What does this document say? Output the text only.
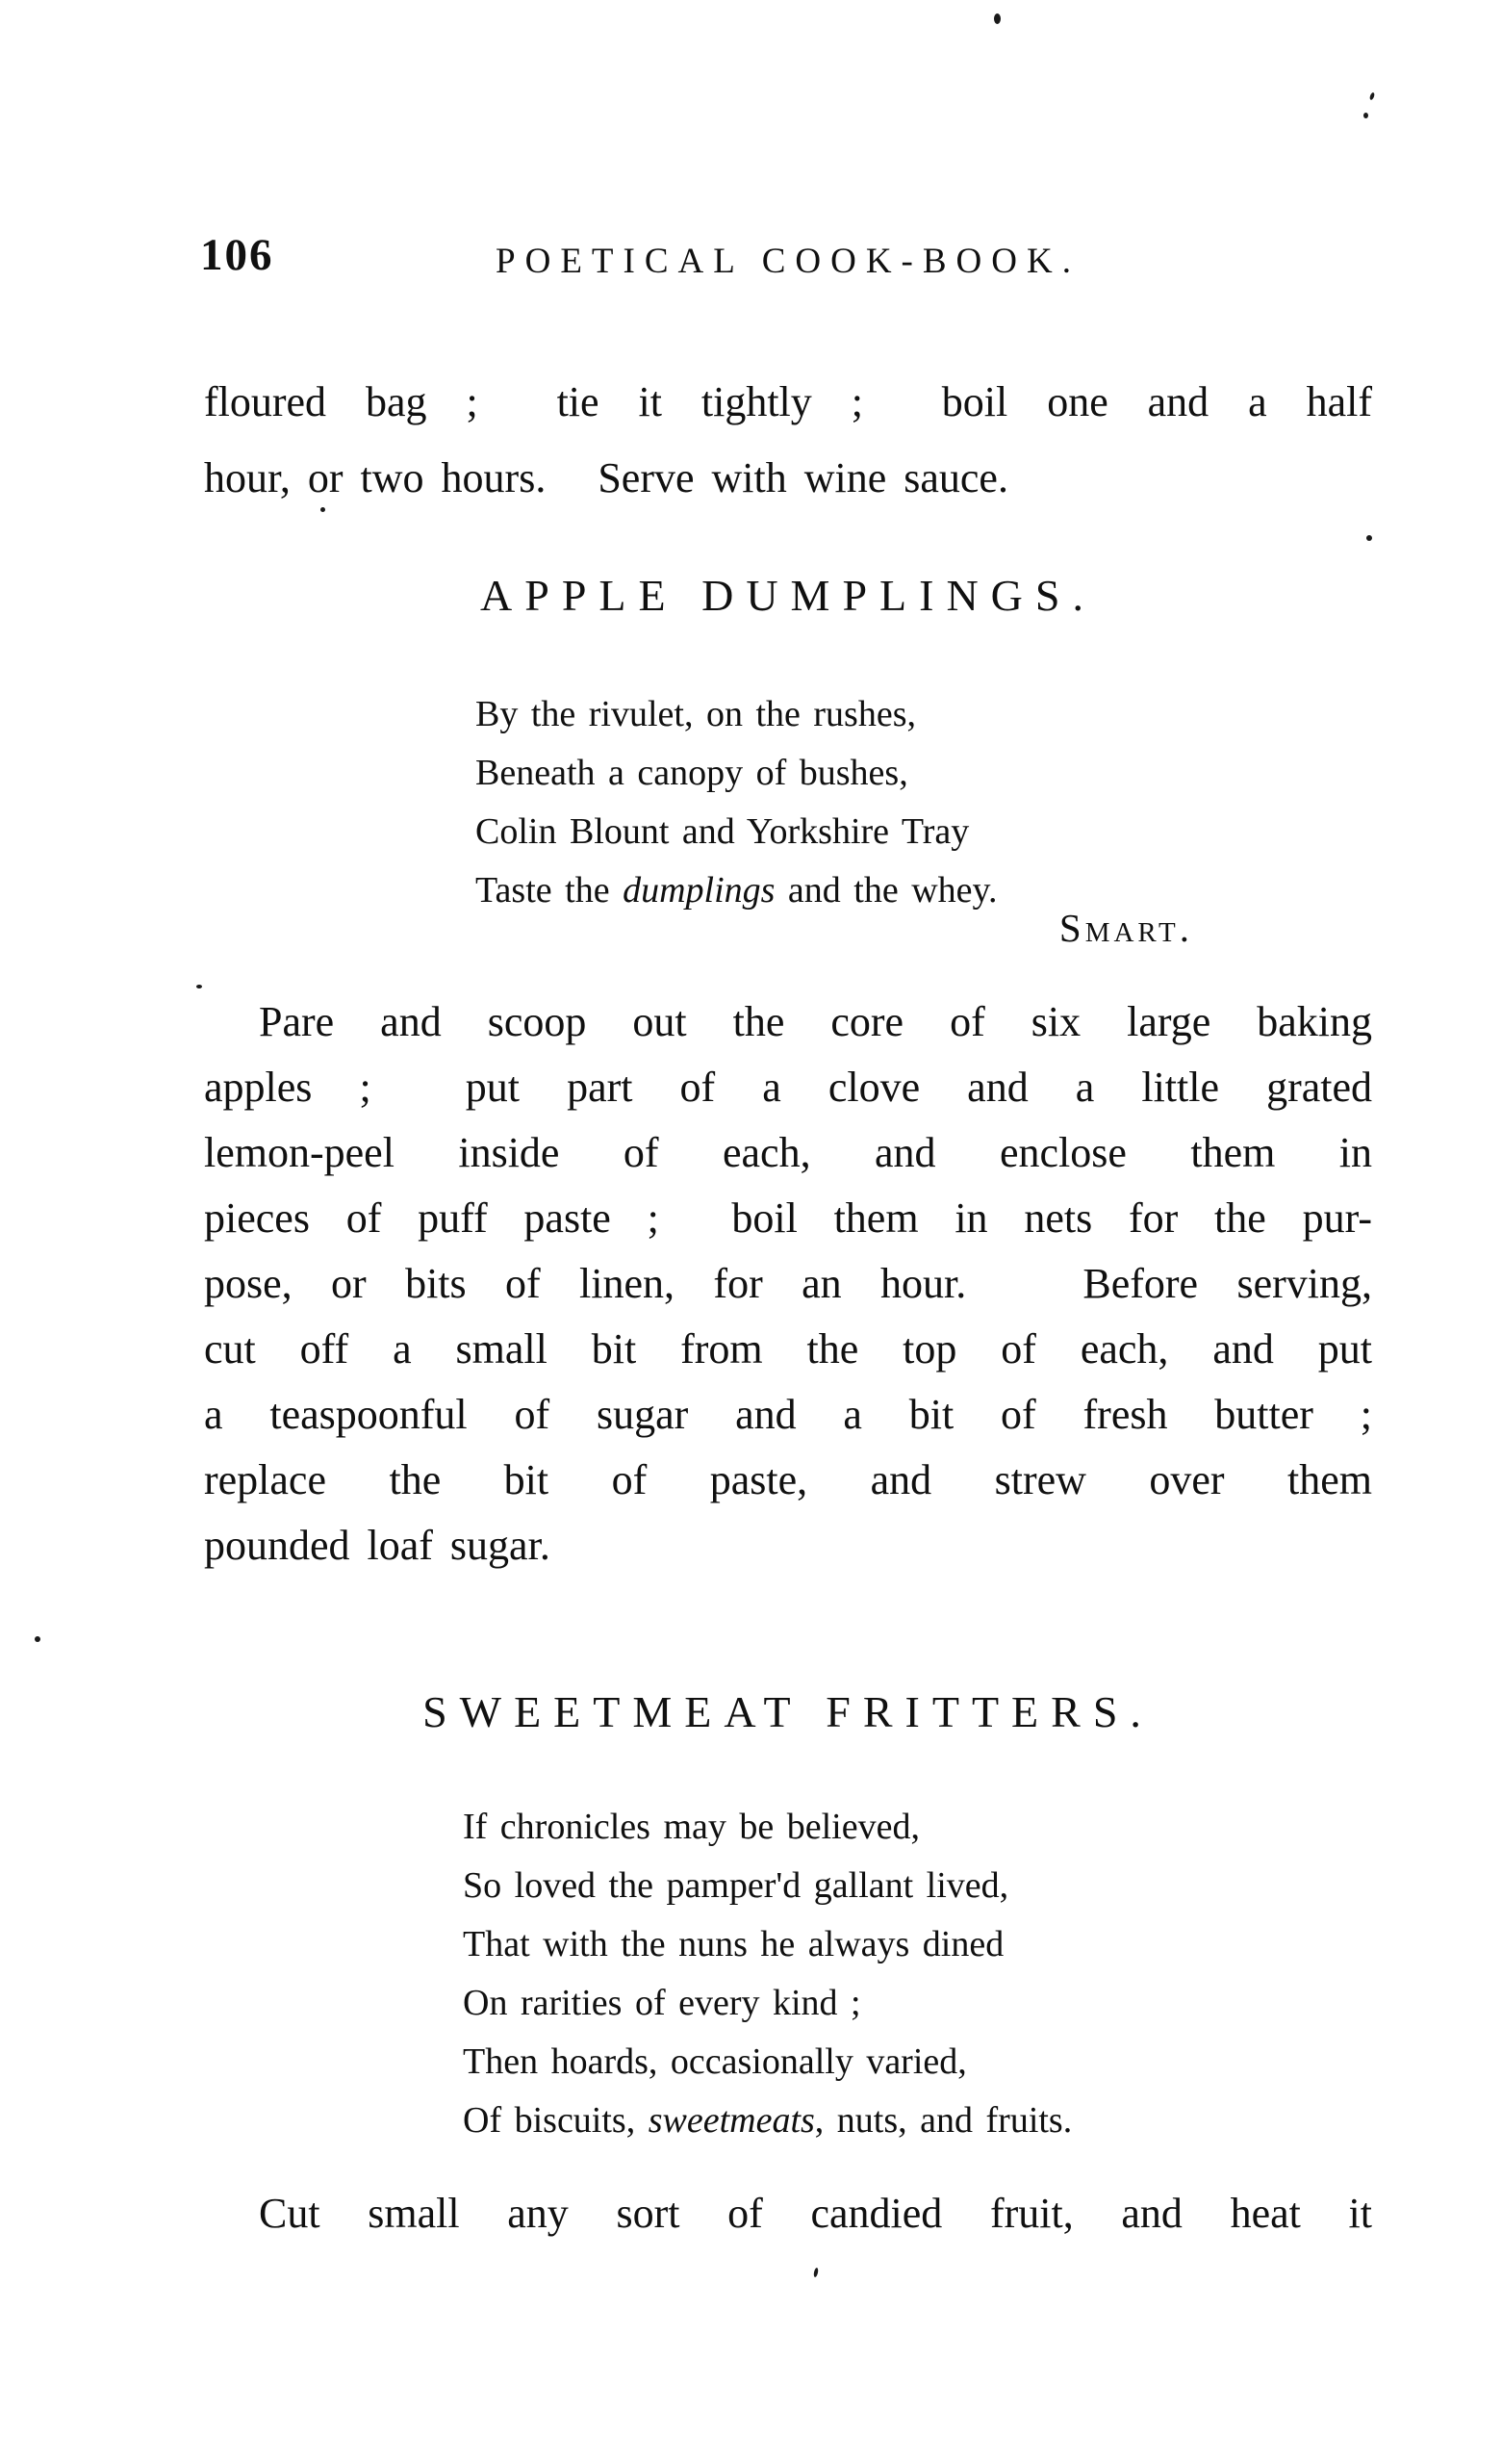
106	POETICAL COOK-BOOK.
floured bag ;  tie it tightly ;  boil one and a half
hour, or two hours.   Serve with wine sauce.
APPLE DUMPLINGS.
By the rivulet, on the rushes,
Beneath a canopy of bushes,
Colin Blount and Yorkshire Tray
Taste the dumplings and the whey.
Smart.
Pare and scoop out the core of six large baking
apples ;  put part of a clove and a little grated
lemon-peel inside of each, and enclose them in
pieces of puff paste ;  boil them in nets for the pur-
pose, or bits of linen, for an hour.   Before serving,
cut off a small bit from the top of each, and put
a teaspoonful of sugar and a bit of fresh butter ;
replace the bit of paste, and strew over them
pounded loaf sugar.
SWEETMEAT FRITTERS.
If chronicles may be believed,
So loved the pamper'd gallant lived,
That with the nuns he always dined
On rarities of every kind ;
Then hoards, occasionally varied,
Of biscuits, sweetmeats, nuts, and fruits.
Cut small any sort of candied fruit, and heat it
